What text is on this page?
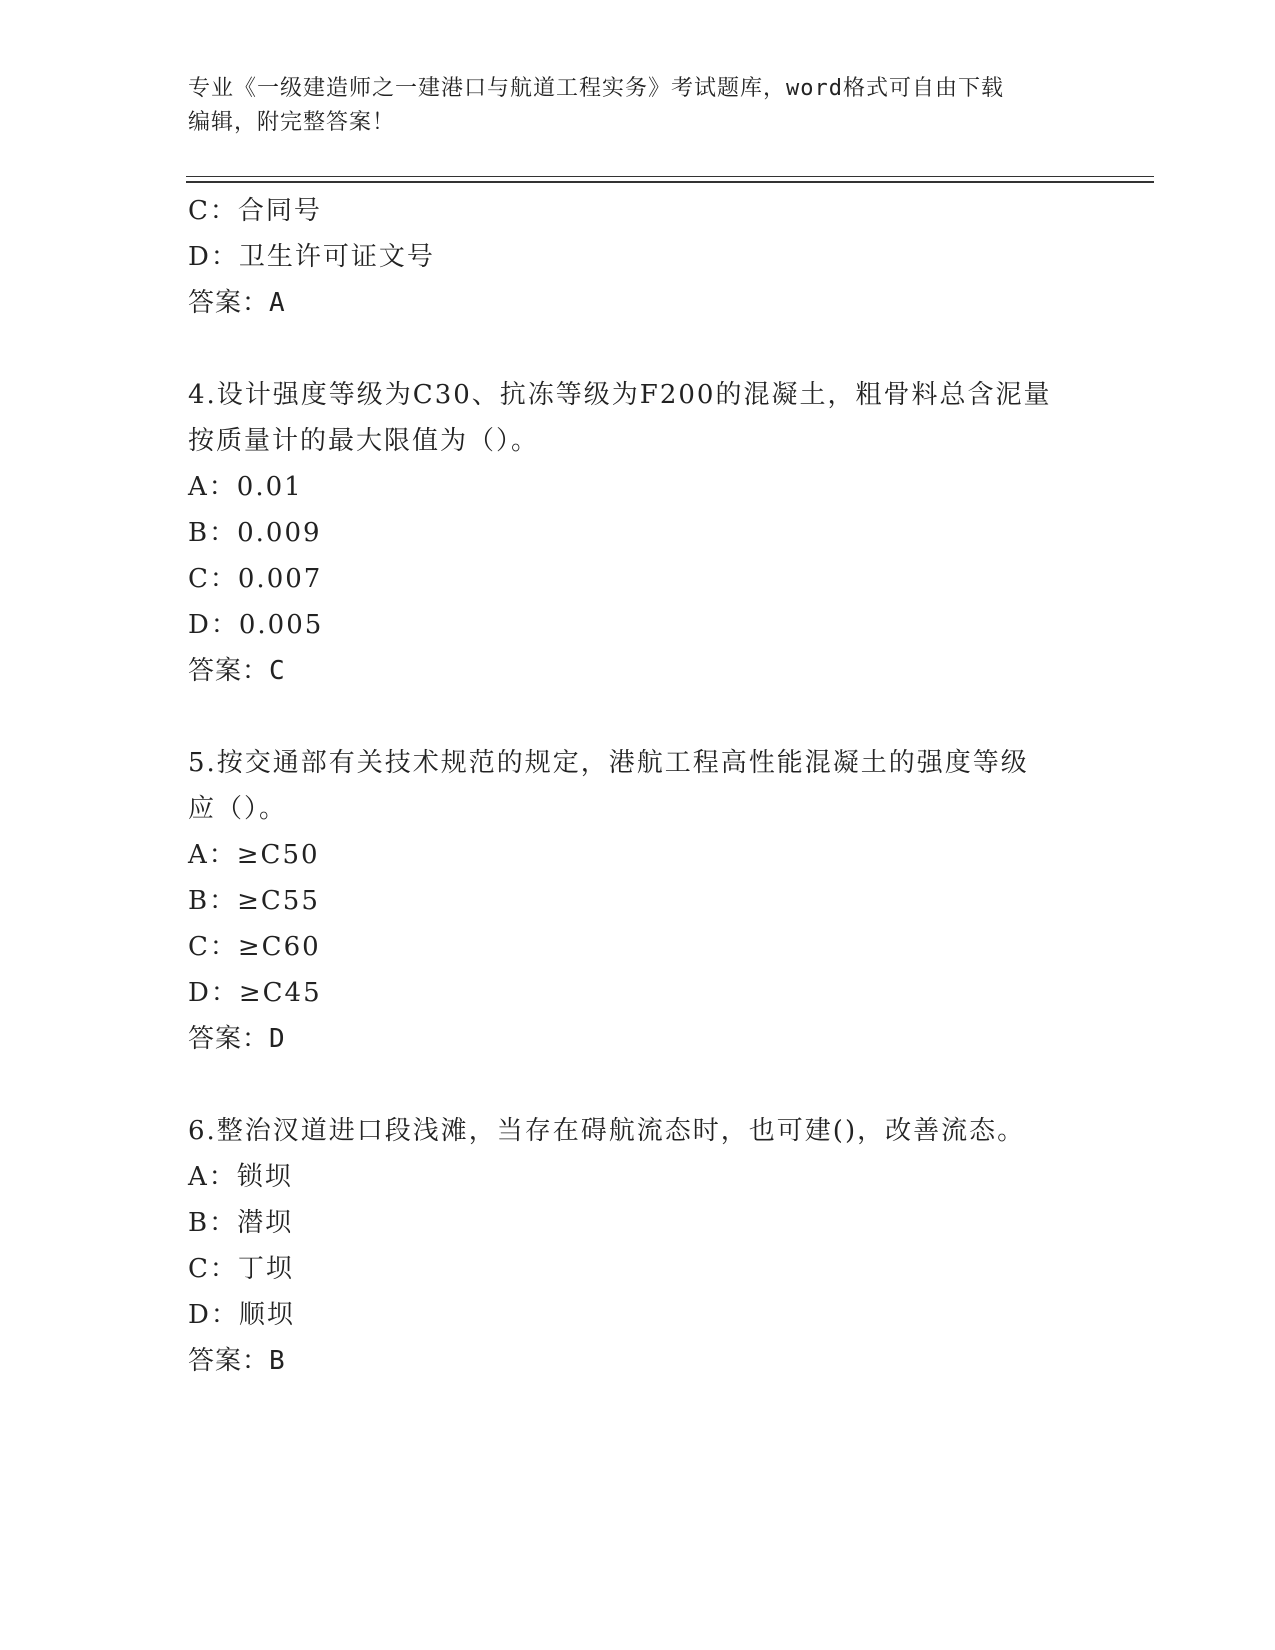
专业《一级建造师之一建港口与航道工程实务》考试题库，word格式可自由下载
编辑，附完整答案！
C：合同号
D：卫生许可证文号
答案：A
4.设计强度等级为C30、抗冻等级为F200的混凝土，粗骨料总含泥量
按质量计的最大限值为（）。
A：0.01
B：0.009
C：0.007
D：0.005
答案：C
5.按交通部有关技术规范的规定，港航工程高性能混凝土的强度等级
应（）。
A：≥C50
B：≥C55
C：≥C60
D：≥C45
答案：D
6.整治汊道进口段浅滩，当存在碍航流态时，也可建()，改善流态。
A：锁坝
B：潜坝
C：丁坝
D：顺坝
答案：B
